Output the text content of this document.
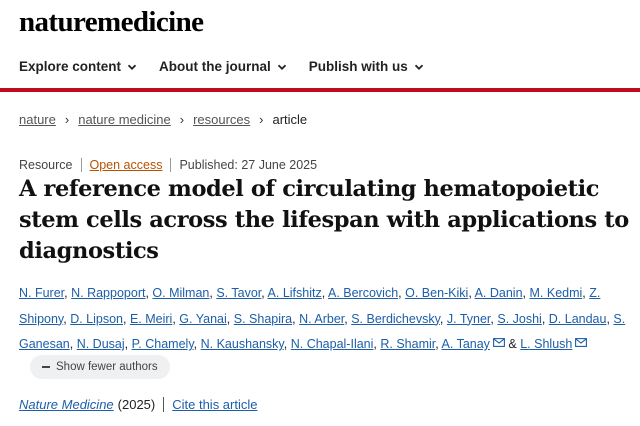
naturemedicine
Explore content	About the journal	Publish with us
nature › nature medicine › resources › article
Resource Open access Published: 27 June 2025
A reference model of circulating hematopoietic stem cells across the lifespan with applications to diagnostics
N. Furer, N. Rappoport, O. Milman, S. Tavor, A. Lifshitz, A. Bercovich, O. Ben-Kiki, A. Danin, M. Kedmi, Z. Shipony, D. Lipson, E. Meiri, G. Yanai, S. Shapira, N. Arber, S. Berdichevsky, J. Tyner, S. Joshi, D. Landau, S. Ganesan, N. Dusaj, P. Chamely, N. Kaushansky, N. Chapal-Ilani, R. Shamir, A. Tanay & L. Shlush
Show fewer authors
Nature Medicine (2025) Cite this article
